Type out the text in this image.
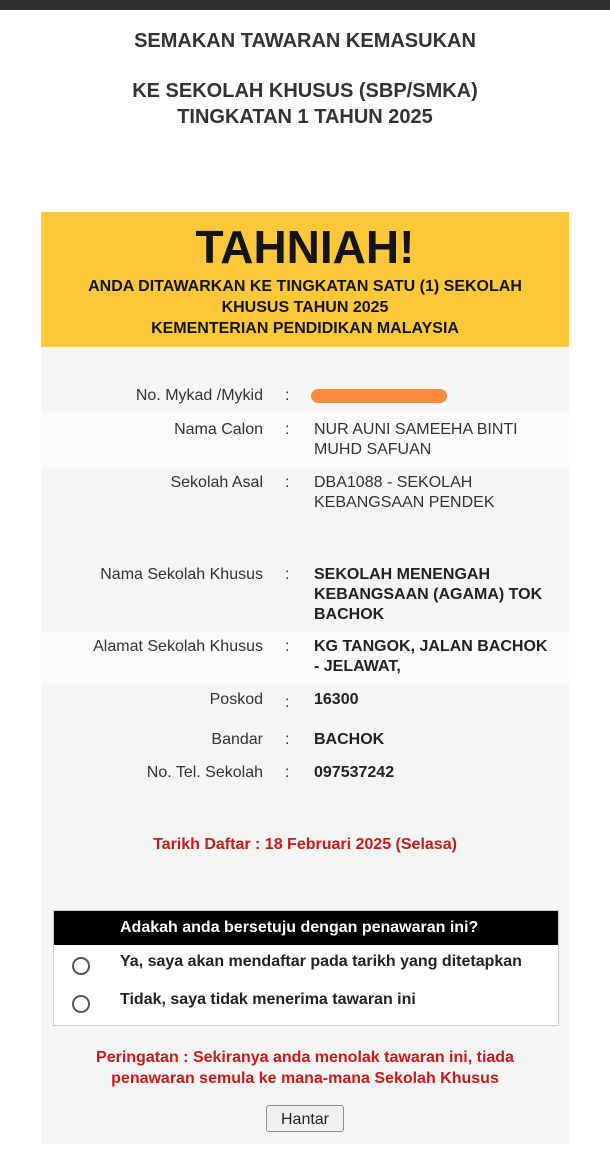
SEMAKAN TAWARAN KEMASUKAN
KE SEKOLAH KHUSUS (SBP/SMKA)
TINGKATAN 1 TAHUN 2025
TAHNIAH!
ANDA DITAWARKAN KE TINGKATAN SATU (1) SEKOLAH
KHUSUS TAHUN 2025
KEMENTERIAN PENDIDIKAN MALAYSIA
No. Mykad /Mykid :
Nama Calon : NUR AUNI SAMEEHA BINTI
MUHD SAFUAN
Sekolah Asal : DBA1088 - SEKOLAH
KEBANGSAAN PENDEK
Nama Sekolah Khusus : SEKOLAH MENENGAH
KEBANGSAAN (AGAMA) TOK
BACHOK
Alamat Sekolah Khusus : KG TANGOK, JALAN BACHOK
- JELAWAT,
Poskod : 16300
Bandar : BACHOK
No. Tel. Sekolah : 097537242
Tarikh Daftar : 18 Februari 2025 (Selasa)
Adakah anda bersetuju dengan penawaran ini?
Ya, saya akan mendaftar pada tarikh yang ditetapkan
Tidak, saya tidak menerima tawaran ini
Peringatan : Sekiranya anda menolak tawaran ini, tiada
penawaran semula ke mana-mana Sekolah Khusus
Hantar
